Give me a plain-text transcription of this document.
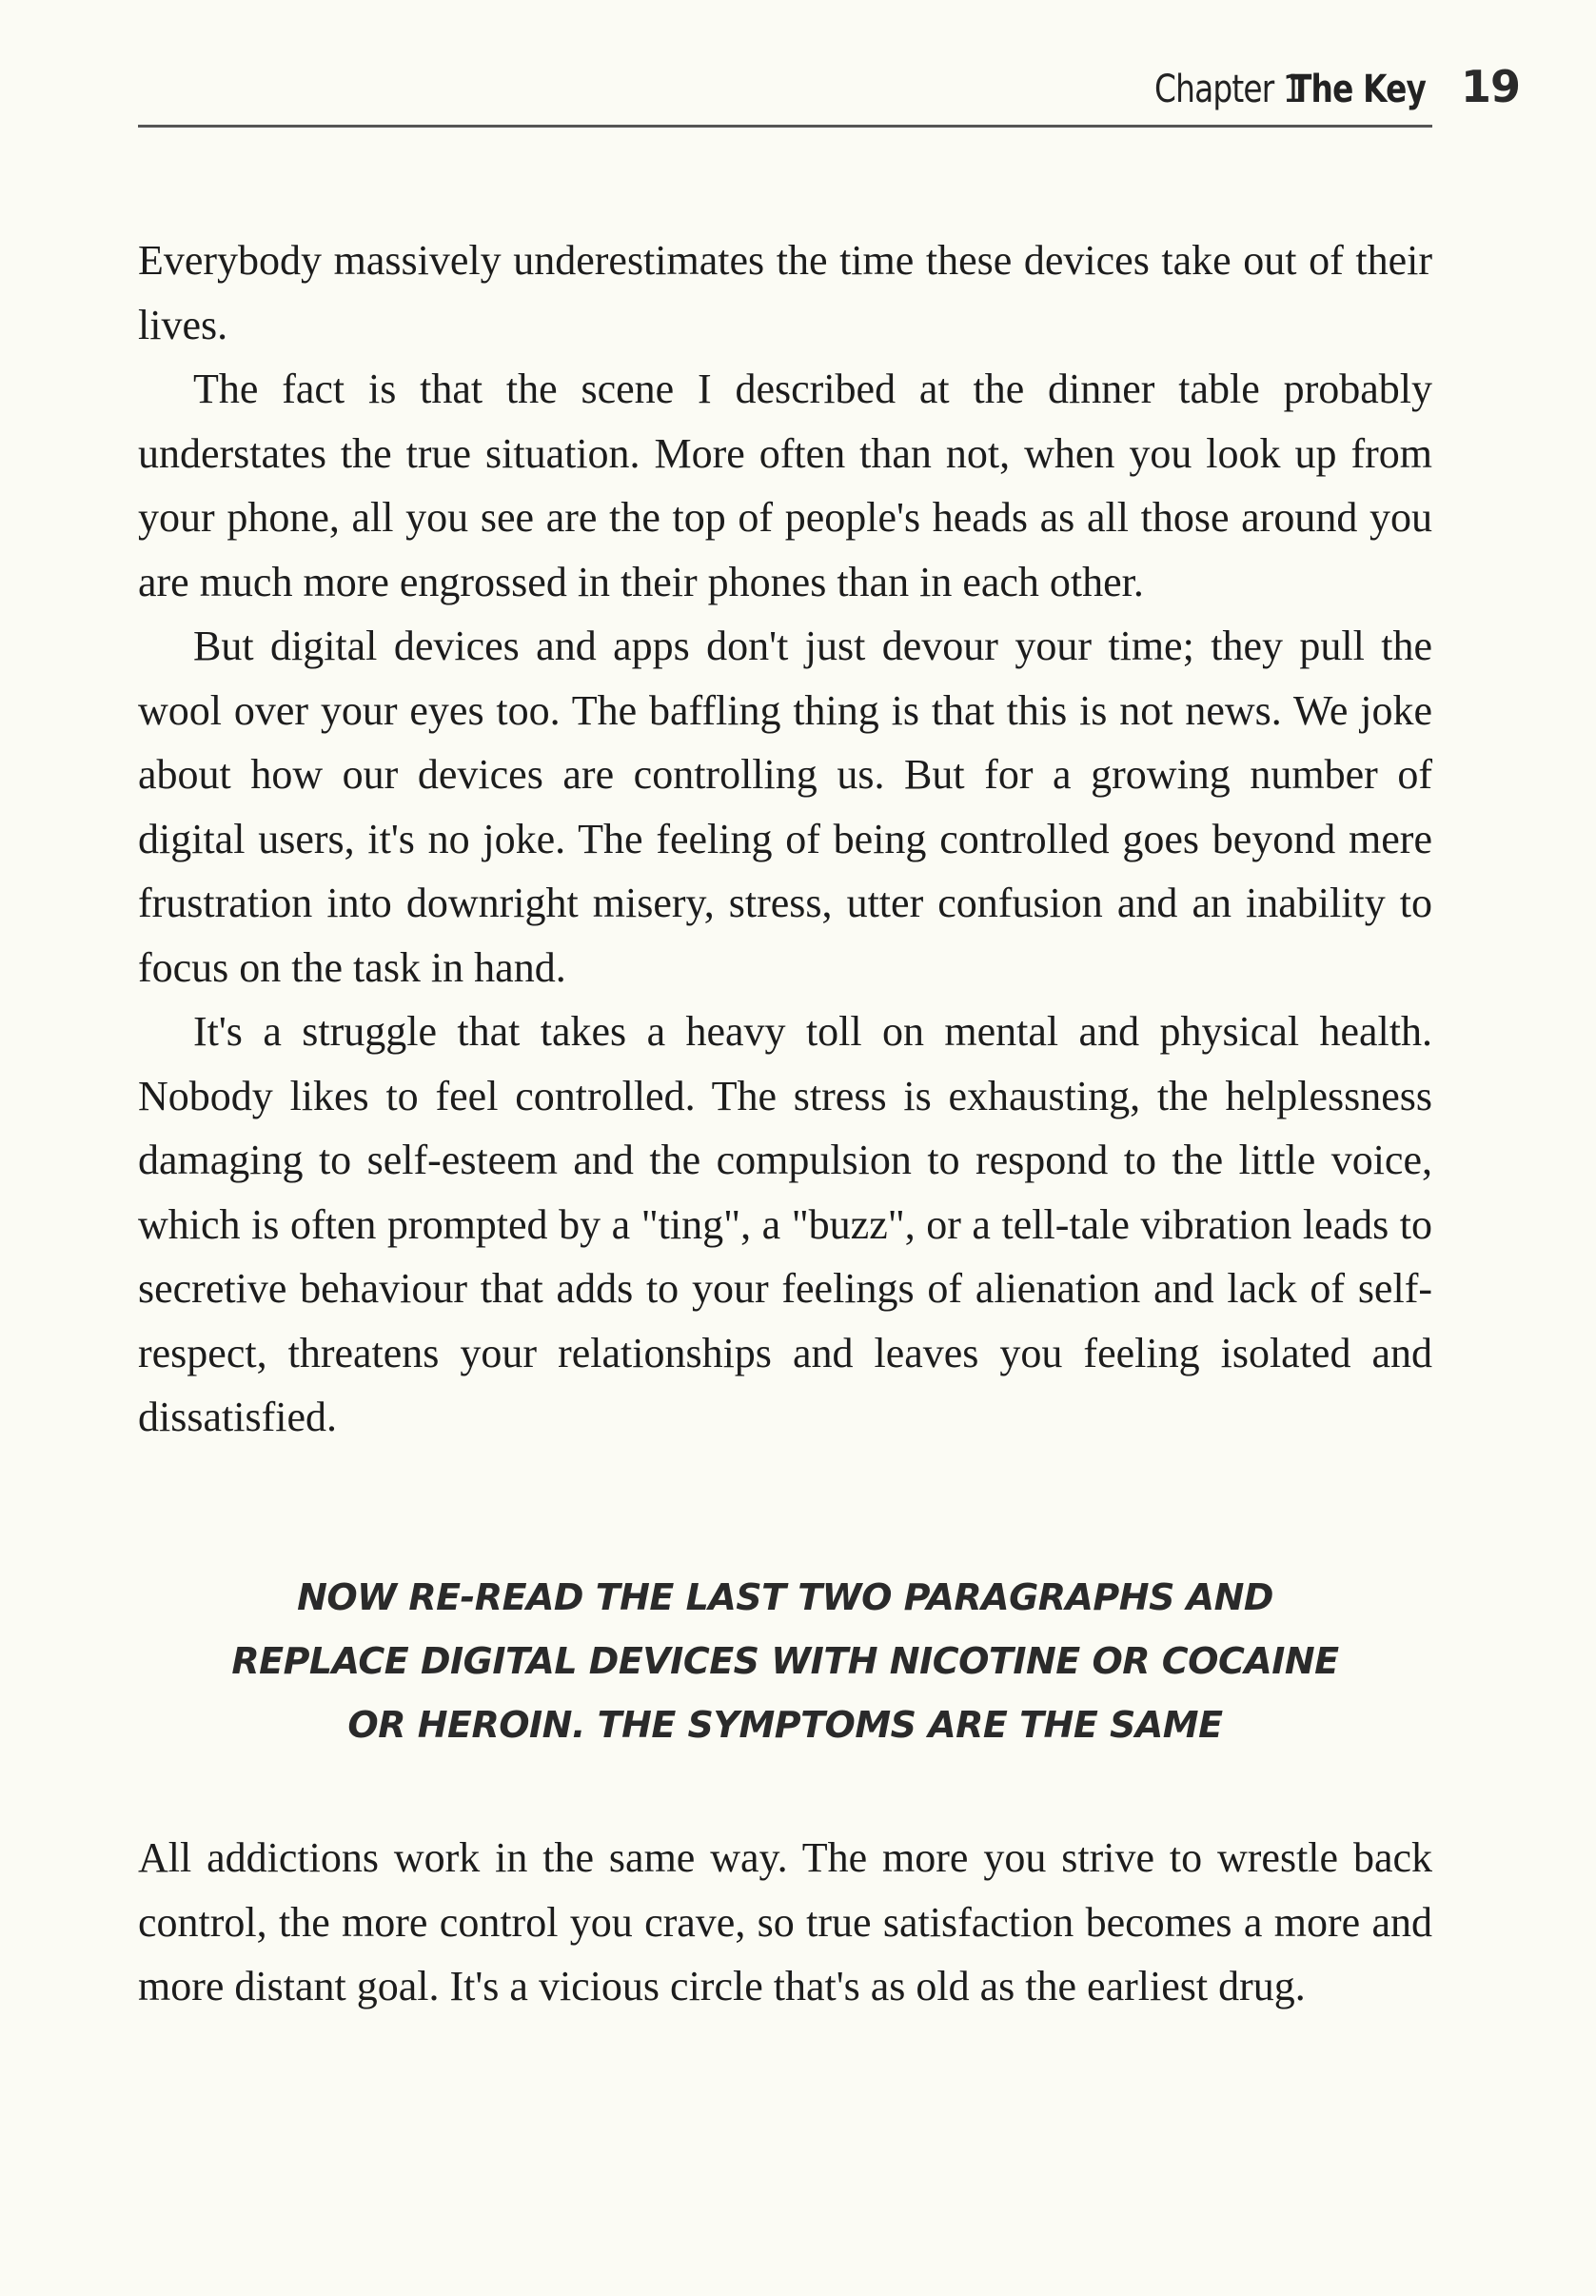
Chapter 1
The Key 19

Everybody massively underestimates the time these devices take out of their lives.

The fact is that the scene I described at the dinner table probably understates the true situation. More often than not, when you look up from your phone, all you see are the top of people's heads as all those around you are much more engrossed in their phones than in each other.

But digital devices and apps don't just devour your time; they pull the wool over your eyes too. The baffling thing is that this is not news. We joke about how our devices are controlling us. But for a growing number of digital users, it's no joke. The feeling of being controlled goes beyond mere frustration into downright misery, stress, utter confusion and an inability to focus on the task in hand.

It's a struggle that takes a heavy toll on mental and physical health. Nobody likes to feel controlled. The stress is exhausting, the helplessness damaging to self-esteem and the compulsion to respond to the little voice, which is often prompted by a "ting", a "buzz", or a tell-tale vibration leads to secretive behaviour that adds to your feelings of alienation and lack of self-respect, threatens your relationships and leaves you feeling isolated and dissatisfied.

NOW RE-READ THE LAST TWO PARAGRAPHS AND
REPLACE DIGITAL DEVICES WITH NICOTINE OR COCAINE
OR HEROIN. THE SYMPTOMS ARE THE SAME

All addictions work in the same way. The more you strive to wrestle back control, the more control you crave, so true satisfaction becomes a more and more distant goal. It's a vicious circle that's as old as the earliest drug.
